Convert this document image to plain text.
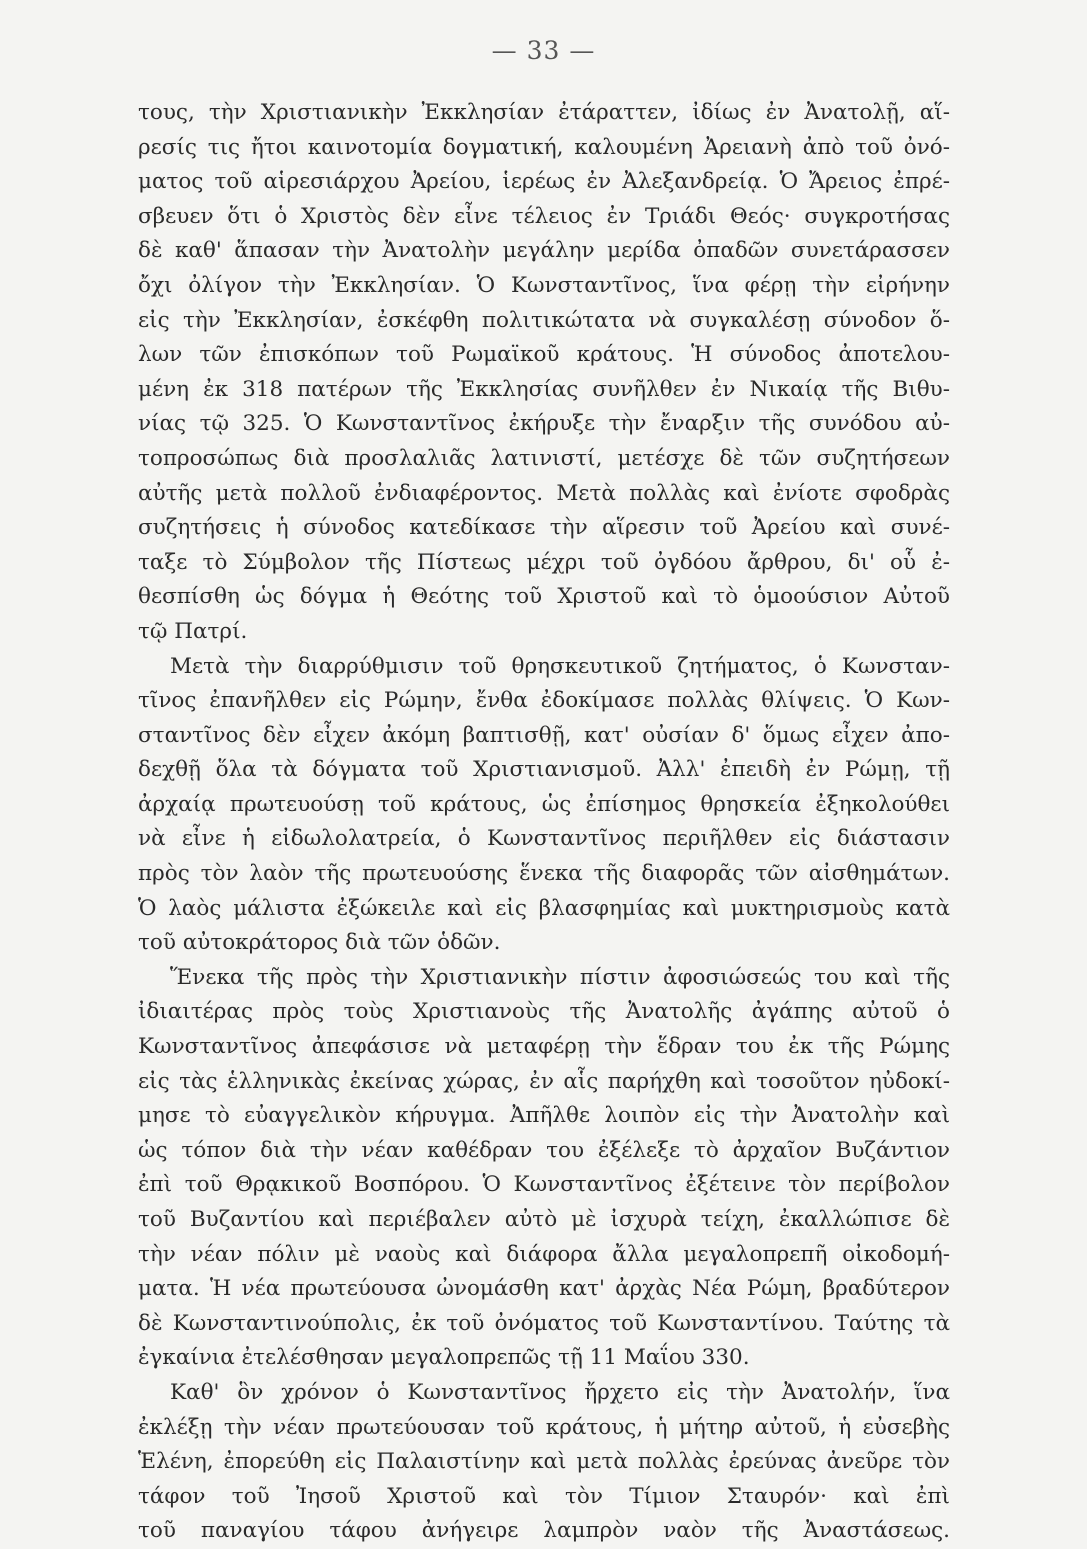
— 33 —
τους, τὴν Χριστιανικὴν Ἐκκλησίαν ἐτάραττεν, ἰδίως ἐν Ἀνατολῇ, αἵ-
ρεσίς τις ἤτοι καινοτομία δογματική, καλουμένη Ἀρειανὴ ἀπὸ τοῦ ὀνό-
ματος τοῦ αἱρεσιάρχου Ἀρείου, ἱερέως ἐν Ἀλεξανδρείᾳ. Ὁ Ἄρειος ἐπρέ-
σβευεν ὅτι ὁ Χριστὸς δὲν εἶνε τέλειος ἐν Τριάδι Θεός· συγκροτήσας
δὲ καθ' ἅπασαν τὴν Ἀνατολὴν μεγάλην μερίδα ὀπαδῶν συνετάρασσεν
ὄχι ὀλίγον τὴν Ἐκκλησίαν. Ὁ Κωνσταντῖνος, ἵνα φέρῃ τὴν εἰρήνην
εἰς τὴν Ἐκκλησίαν, ἐσκέφθη πολιτικώτατα νὰ συγκαλέσῃ σύνοδον ὅ-
λων τῶν ἐπισκόπων τοῦ Ρωμαϊκοῦ κράτους. Ἡ σύνοδος ἀποτελου-
μένη ἐκ 318 πατέρων τῆς Ἐκκλησίας συνῆλθεν ἐν Νικαίᾳ τῆς Βιθυ-
νίας τῷ 325. Ὁ Κωνσταντῖνος ἐκήρυξε τὴν ἔναρξιν τῆς συνόδου αὐ-
τοπροσώπως διὰ προσλαλιᾶς λατινιστί, μετέσχε δὲ τῶν συζητήσεων
αὐτῆς μετὰ πολλοῦ ἐνδιαφέροντος. Μετὰ πολλὰς καὶ ἐνίοτε σφοδρὰς
συζητήσεις ἡ σύνοδος κατεδίκασε τὴν αἵρεσιν τοῦ Ἀρείου καὶ συνέ-
ταξε τὸ Σύμβολον τῆς Πίστεως μέχρι τοῦ ὀγδόου ἄρθρου, δι' οὗ ἐ-
θεσπίσθη ὡς δόγμα ἡ Θεότης τοῦ Χριστοῦ καὶ τὸ ὁμοούσιον Αὐτοῦ
τῷ Πατρί.
Μετὰ τὴν διαρρύθμισιν τοῦ θρησκευτικοῦ ζητήματος, ὁ Κωνσταν-
τῖνος ἐπανῆλθεν εἰς Ρώμην, ἔνθα ἐδοκίμασε πολλὰς θλίψεις. Ὁ Κων-
σταντῖνος δὲν εἶχεν ἀκόμη βαπτισθῇ, κατ' οὐσίαν δ' ὅμως εἶχεν ἀπο-
δεχθῇ ὅλα τὰ δόγματα τοῦ Χριστιανισμοῦ. Ἀλλ' ἐπειδὴ ἐν Ρώμῃ, τῇ
ἀρχαίᾳ πρωτευούσῃ τοῦ κράτους, ὡς ἐπίσημος θρησκεία ἐξηκολούθει
νὰ εἶνε ἡ εἰδωλολατρεία, ὁ Κωνσταντῖνος περιῆλθεν εἰς διάστασιν
πρὸς τὸν λαὸν τῆς πρωτευούσης ἕνεκα τῆς διαφορᾶς τῶν αἰσθημάτων.
Ὁ λαὸς μάλιστα ἐξώκειλε καὶ εἰς βλασφημίας καὶ μυκτηρισμοὺς κατὰ
τοῦ αὐτοκράτορος διὰ τῶν ὁδῶν.
Ἕνεκα τῆς πρὸς τὴν Χριστιανικὴν πίστιν ἀφοσιώσεώς του καὶ τῆς
ἰδιαιτέρας πρὸς τοὺς Χριστιανοὺς τῆς Ἀνατολῆς ἀγάπης αὐτοῦ ὁ
Κωνσταντῖνος ἀπεφάσισε νὰ μεταφέρῃ τὴν ἕδραν του ἐκ τῆς Ρώμης
εἰς τὰς ἑλληνικὰς ἐκείνας χώρας, ἐν αἷς παρήχθη καὶ τοσοῦτον ηὐδοκί-
μησε τὸ εὐαγγελικὸν κήρυγμα. Ἀπῆλθε λοιπὸν εἰς τὴν Ἀνατολὴν καὶ
ὡς τόπον διὰ τὴν νέαν καθέδραν του ἐξέλεξε τὸ ἀρχαῖον Βυζάντιον
ἐπὶ τοῦ Θρᾳκικοῦ Βοσπόρου. Ὁ Κωνσταντῖνος ἐξέτεινε τὸν περίβολον
τοῦ Βυζαντίου καὶ περιέβαλεν αὐτὸ μὲ ἰσχυρὰ τείχη, ἐκαλλώπισε δὲ
τὴν νέαν πόλιν μὲ ναοὺς καὶ διάφορα ἄλλα μεγαλοπρεπῆ οἰκοδομή-
ματα. Ἡ νέα πρωτεύουσα ὠνομάσθη κατ' ἀρχὰς Νέα Ρώμη, βραδύτερον
δὲ Κωνσταντινούπολις, ἐκ τοῦ ὀνόματος τοῦ Κωνσταντίνου. Ταύτης τὰ
ἐγκαίνια ἐτελέσθησαν μεγαλοπρεπῶς τῇ 11 Μαΐου 330.
Καθ' ὃν χρόνον ὁ Κωνσταντῖνος ἤρχετο εἰς τὴν Ἀνατολήν, ἵνα
ἐκλέξῃ τὴν νέαν πρωτεύουσαν τοῦ κράτους, ἡ μήτηρ αὐτοῦ, ἡ εὐσεβὴς
Ἑλένη, ἐπορεύθη εἰς Παλαιστίνην καὶ μετὰ πολλὰς ἐρεύνας ἀνεῦρε τὸν
τάφον τοῦ Ἰησοῦ Χριστοῦ καὶ τὸν Τίμιον Σταυρόν· καὶ ἐπὶ
τοῦ παναγίου τάφου ἀνήγειρε λαμπρὸν ναὸν τῆς Ἀναστάσεως.
